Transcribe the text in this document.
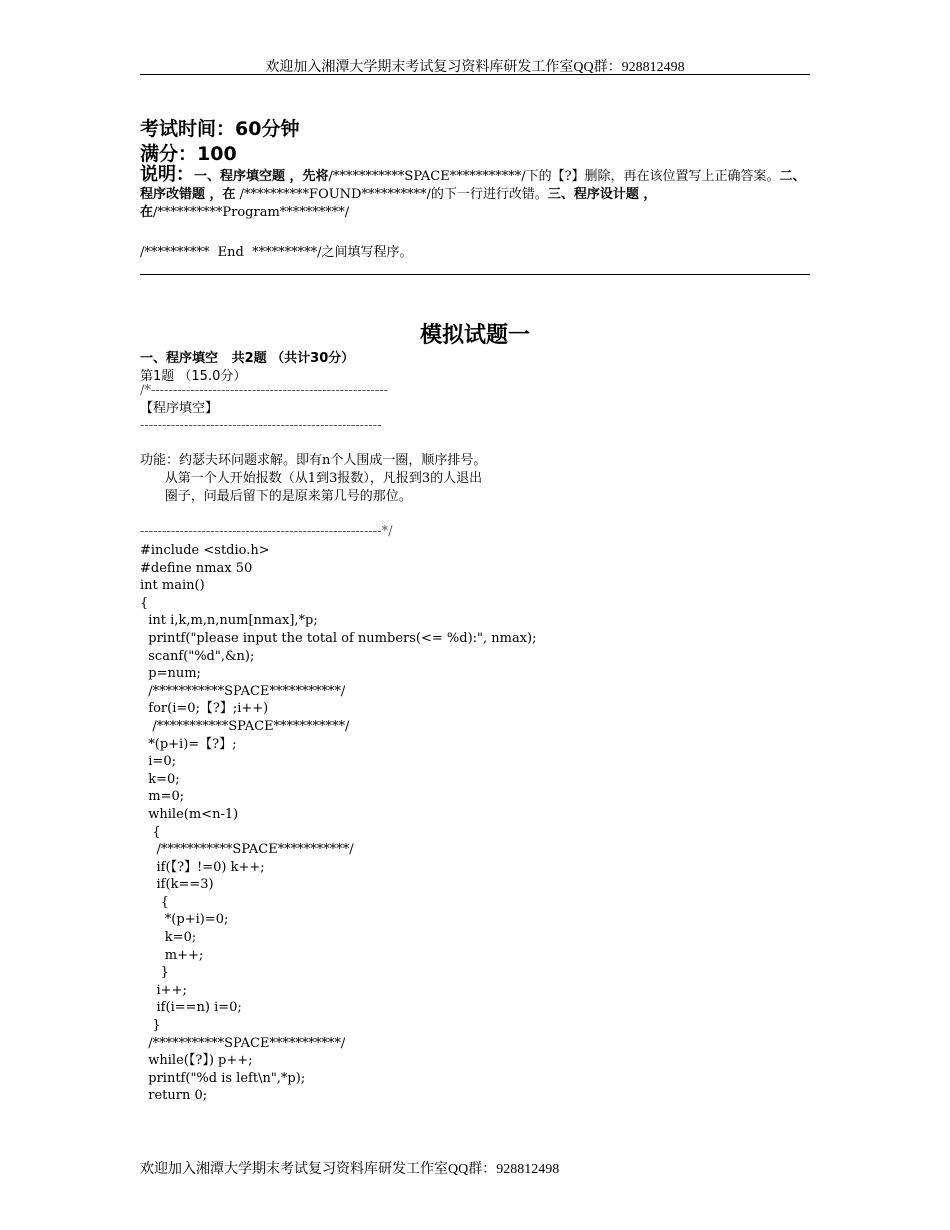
欢迎加入湘潭大学期末考试复习资料库研发工作室QQ群：928812498
考试时间：60分钟
满分：100
说明：一、程序填空题 ，先将/***********SPACE***********/下的【?】删除，再在该位置写上正确答案。二、程序改错题 ，在 /**********FOUND**********/的下一行进行改错。三、程序设计题 ，在/**********Program**********/
/**********  End  **********/之间填写程序。
模拟试题一
一、程序填空   共2题 （共计30分）
第1题 （15.0分）
/*------------------------------------------------------
【程序填空】
-------------------------------------------------------
功能：约瑟夫环问题求解。即有n个人围成一圈，顺序排号。
从第一个人开始报数（从1到3报数），凡报到3的人退出
圈子，问最后留下的是原来第几号的那位。
-------------------------------------------------------*/
#include <stdio.h>
#define nmax 50
int main()
{
int i,k,m,n,num[nmax],*p;
printf("please input the total of numbers(<= %d):", nmax);
scanf("%d",&n);
p=num;
/***********SPACE***********/
for(i=0;【?】;i++)
/***********SPACE***********/
*(p+i)=【?】;
i=0;
k=0;
m=0;
while(m<n-1)
{
/***********SPACE***********/
if(【?】!=0) k++;
if(k==3)
{
*(p+i)=0;
k=0;
m++;
}
i++;
if(i==n) i=0;
}
/***********SPACE***********/
while(【?】) p++;
printf("%d is left\n",*p);
return 0;
欢迎加入湘潭大学期末考试复习资料库研发工作室QQ群：928812498
